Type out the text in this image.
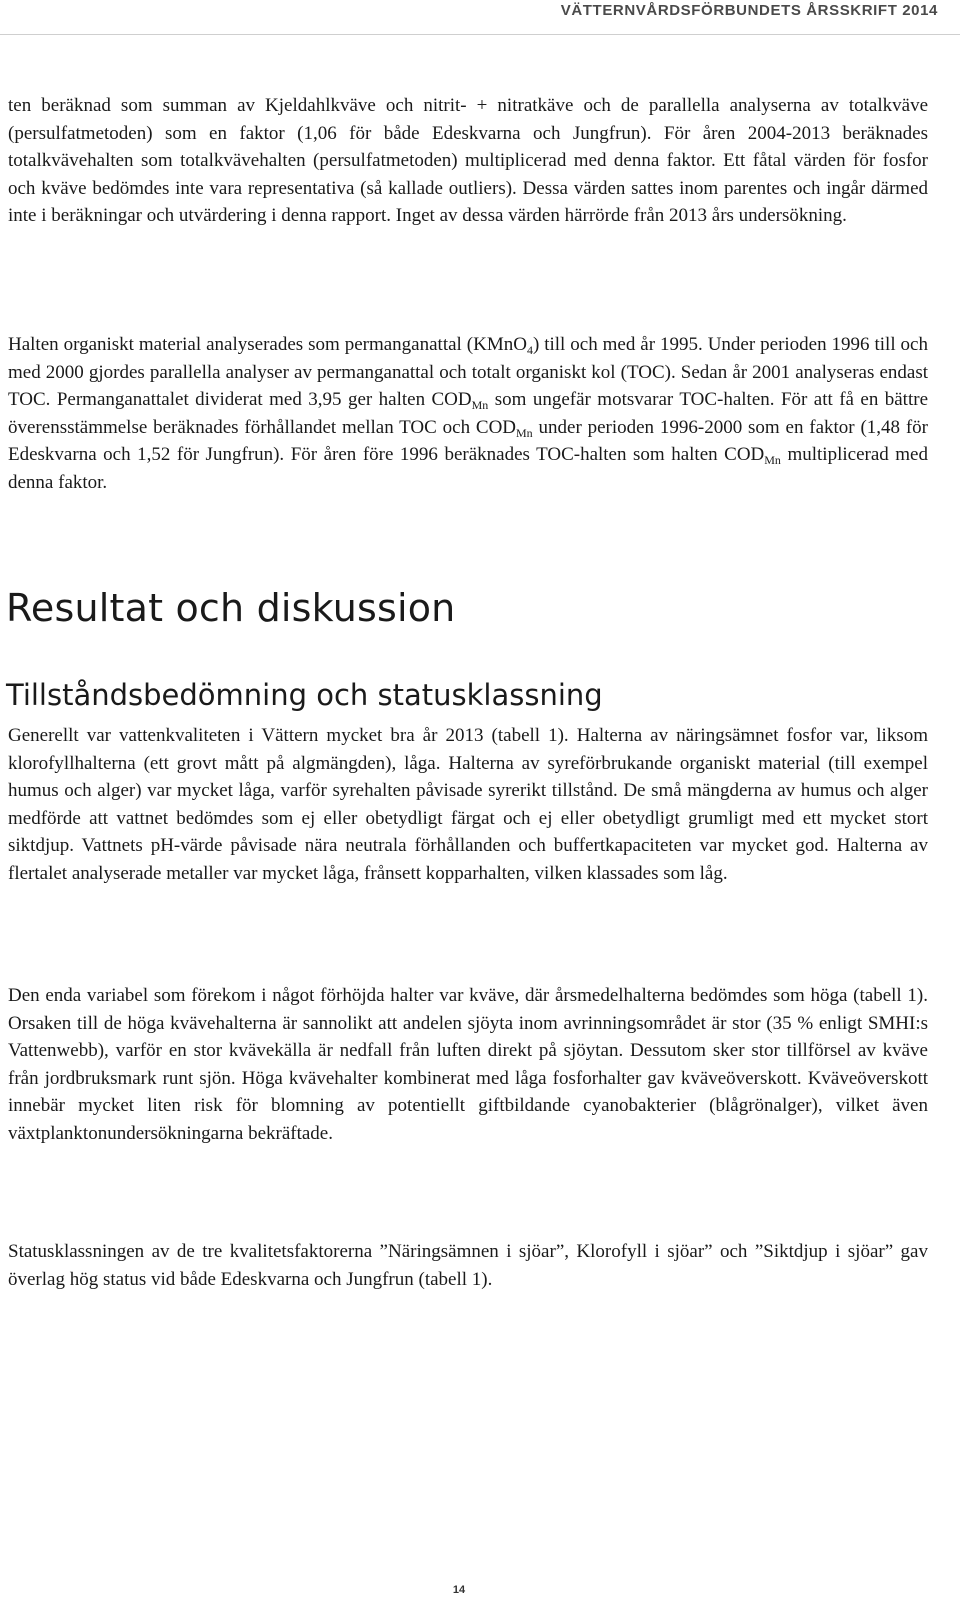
VÄTTERNVÅRDSFÖRBUNDETS ÅRSSKRIFT 2014

ten beräknad som summan av Kjeldahlkväve och nitrit- + nitratkäve och de parallella analyserna av totalkväve (persulfatmetoden) som en faktor (1,06 för både Edeskvarna och Jungfrun). För åren 2004-2013 beräknades totalkvävehalten som totalkvävehalten (persulfatmetoden) multiplicerad med denna faktor. Ett fåtal värden för fosfor och kväve bedömdes inte vara representativa (så kallade outliers). Dessa värden sattes inom parentes och ingår därmed inte i beräkningar och utvärdering i denna rapport. Inget av dessa värden härrörde från 2013 års undersökning.

Halten organiskt material analyserades som permanganattal (KMnO$_4$) till och med år 1995. Under perioden 1996 till och med 2000 gjordes parallella analyser av permanganattal och totalt organiskt kol (TOC). Sedan år 2001 analyseras endast TOC. Permanganattalet dividerat med 3,95 ger halten $COD_{Mn}$ som ungefär motsvarar TOC-halten. För att få en bättre överensstämmelse beräknades förhållandet mellan TOC och $COD_{Mn}$ under perioden 1996-2000 som en faktor (1,48 för Edeskvarna och 1,52 för Jungfrun). För åren före 1996 beräknades TOC-halten som halten $COD_{Mn}$ multiplicerad med denna faktor.

Resultat och diskussion
Tillståndsbedömning och statusklassning

Generellt var vattenkvaliteten i Vättern mycket bra år 2013 (tabell 1). Halterna av näringsämnet fosfor var, liksom klorofyllhalterna (ett grovt mått på algmängden), låga. Halterna av syreförbrukande organiskt material (till exempel humus och alger) var mycket låga, varför syrehalten påvisade syrerikt tillstånd. De små mängderna av humus och alger medförde att vattnet bedömdes som ej eller obetydligt färgat och ej eller obetydligt grumligt med ett mycket stort siktdjup. Vattnets pH-värde påvisade nära neutrala förhållanden och buffertkapaciteten var mycket god. Halterna av flertalet analyserade metaller var mycket låga, frånsett kopparhalten, vilken klassades som låg.

Den enda variabel som förekom i något förhöjda halter var kväve, där årsmedelhalterna bedömdes som höga (tabell 1). Orsaken till de höga kvävehalterna är sannolikt att andelen sjöyta inom avrinningsområdet är stor (35 % enligt SMHI:s Vattenwebb), varför en stor kvävekälla är nedfall från luften direkt på sjöytan. Dessutom sker stor tillförsel av kväve från jordbruksmark runt sjön. Höga kvävehalter kombinerat med låga fosforhalter gav kväveöverskott. Kväveöverskott innebär mycket liten risk för blomning av potentiellt giftbildande cyanobakterier (blågrönalger), vilket även växtplanktonundersökningarna bekräftade.

Statusklassningen av de tre kvalitetsfaktorerna ”Näringsämnen i sjöar”, Klorofyll i sjöar” och ”Siktdjup i sjöar” gav överlag hög status vid både Edeskvarna och Jungfrun (tabell 1).

14
